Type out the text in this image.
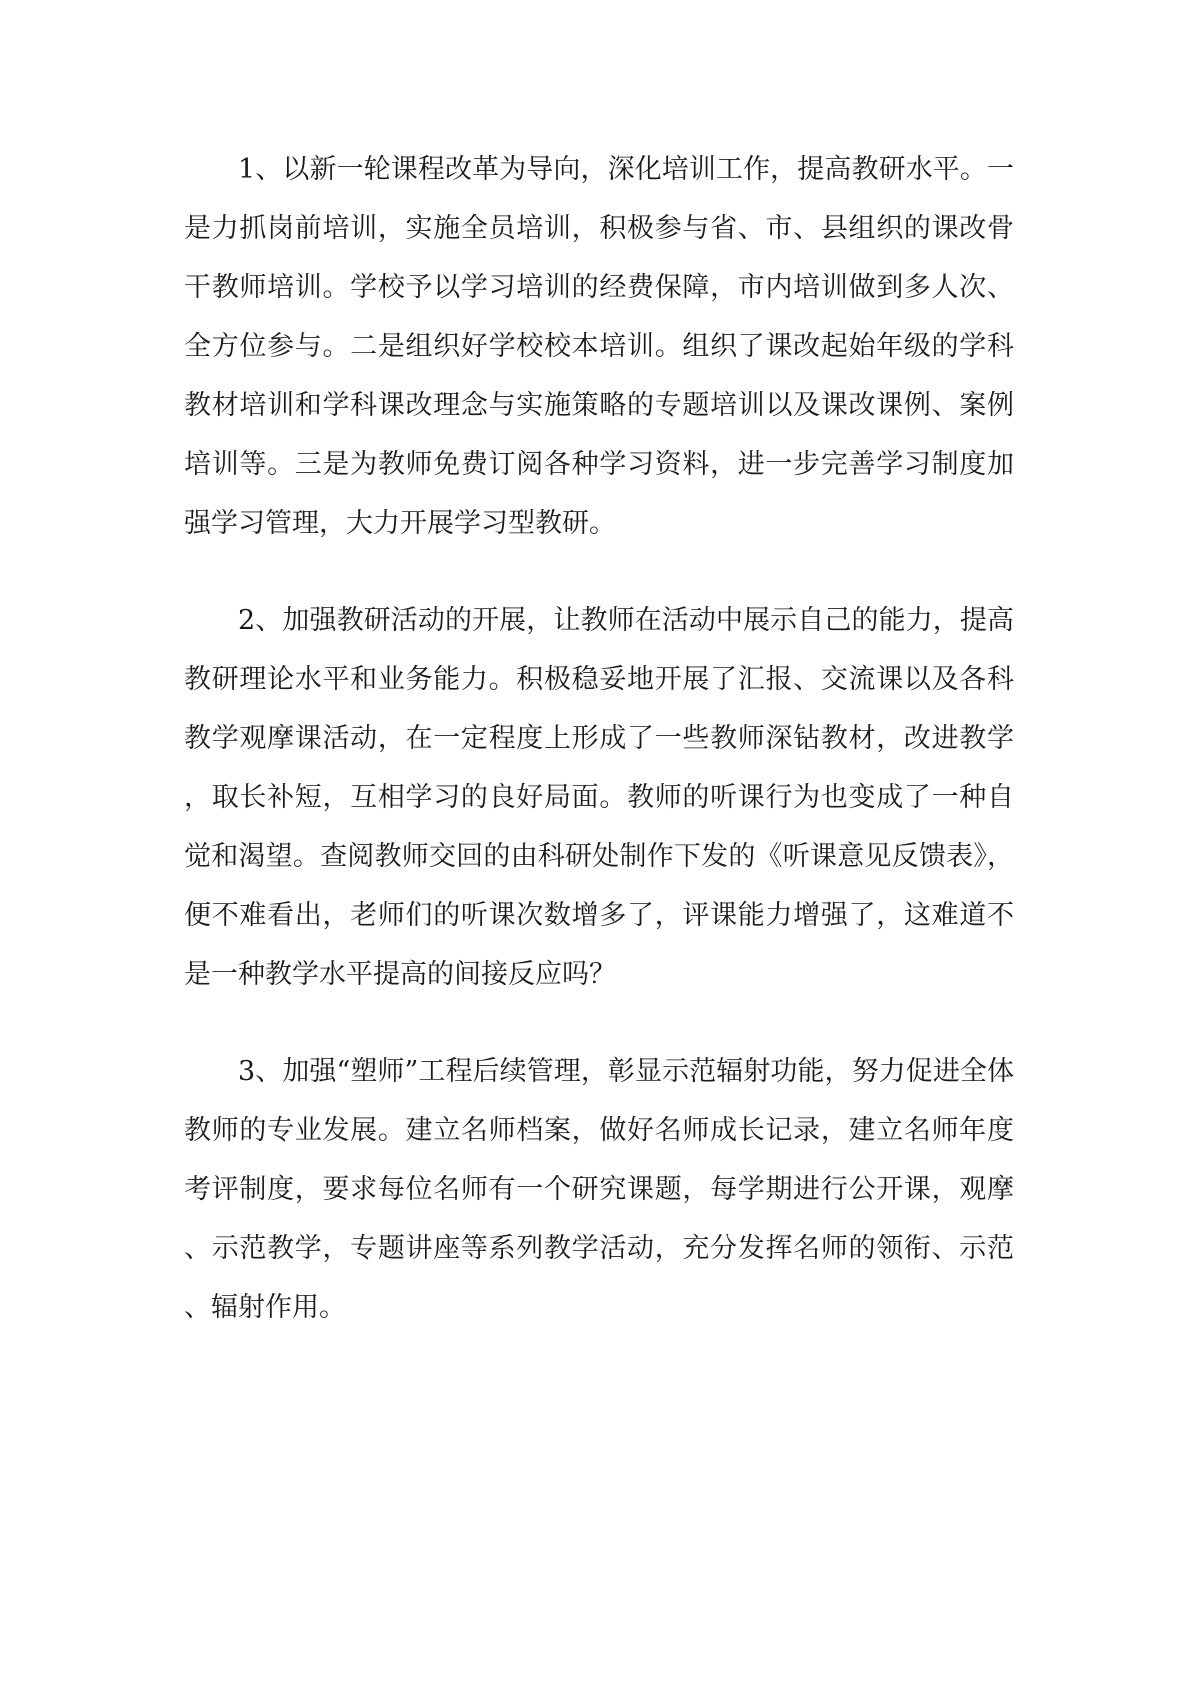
1、以新一轮课程改革为导向，深化培训工作，提高教研水平。一是力抓岗前培训，实施全员培训，积极参与省、市、县组织的课改骨干教师培训。学校予以学习培训的经费保障，市内培训做到多人次、全方位参与。二是组织好学校校本培训。组织了课改起始年级的学科教材培训和学科课改理念与实施策略的专题培训以及课改课例、案例培训等。三是为教师免费订阅各种学习资料，进一步完善学习制度加强学习管理，大力开展学习型教研。

2、加强教研活动的开展，让教师在活动中展示自己的能力，提高教研理论水平和业务能力。积极稳妥地开展了汇报、交流课以及各科教学观摩课活动，在一定程度上形成了一些教师深钻教材，改进教学，取长补短，互相学习的良好局面。教师的听课行为也变成了一种自觉和渴望。查阅教师交回的由科研处制作下发的《听课意见反馈表》，便不难看出，老师们的听课次数增多了，评课能力增强了，这难道不是一种教学水平提高的间接反应吗？

3、加强“塑师”工程后续管理，彰显示范辐射功能，努力促进全体教师的专业发展。建立名师档案，做好名师成长记录，建立名师年度考评制度，要求每位名师有一个研究课题，每学期进行公开课，观摩、示范教学，专题讲座等系列教学活动，充分发挥名师的领衔、示范、辐射作用。
